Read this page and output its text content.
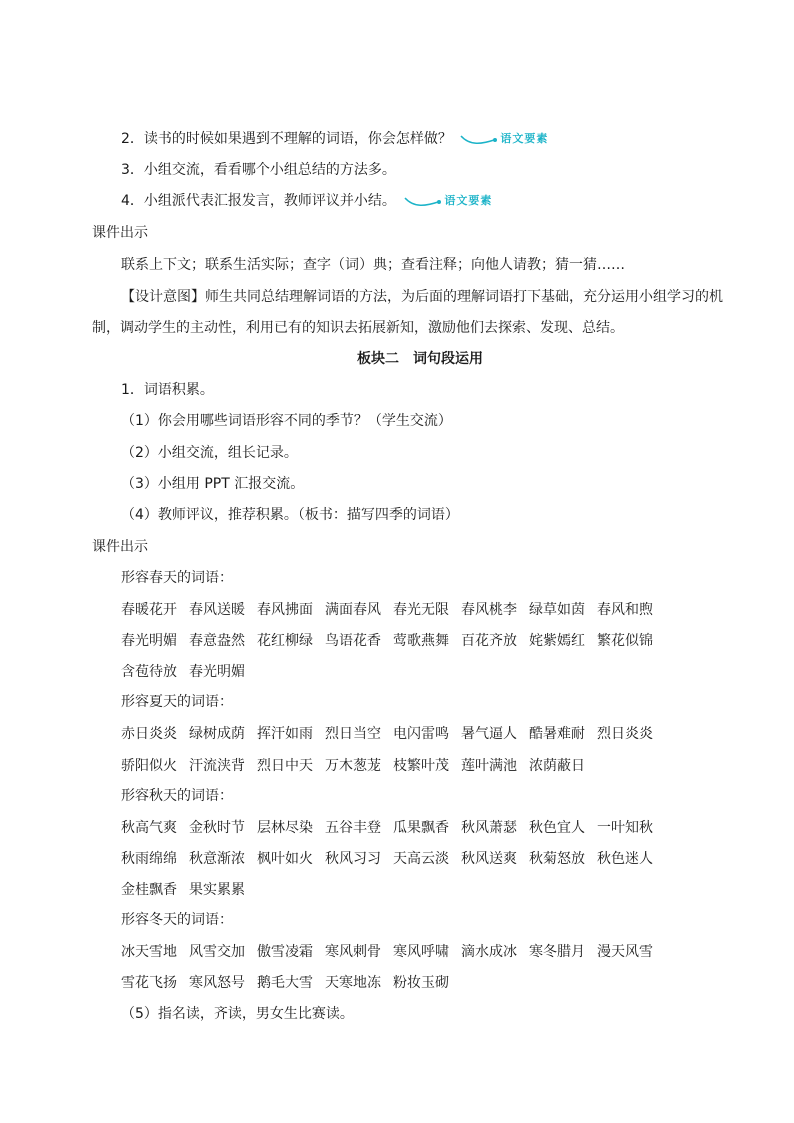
2．读书的时候如果遇到不理解的词语，你会怎样做？	语文要素
3．小组交流，看看哪个小组总结的方法多。
4．小组派代表汇报发言，教师评议并小结。	语文要素
课件出示
联系上下文；联系生活实际；查字（词）典；查看注释；向他人请教；猜一猜……
【设计意图】师生共同总结理解词语的方法，为后面的理解词语打下基础，充分运用小组学习的机
制，调动学生的主动性，利用已有的知识去拓展新知，激励他们去探索、发现、总结。
板块二　词句段运用
1．词语积累。
（1）你会用哪些词语形容不同的季节？（学生交流）
（2）小组交流，组长记录。
（3）小组用 PPT 汇报交流。
（4）教师评议，推荐积累。（板书：描写四季的词语）
课件出示
形容春天的词语：
春暖花开 春风送暖 春风拂面 满面春风 春光无限 春风桃李 绿草如茵 春风和煦
春光明媚 春意盎然 花红柳绿 鸟语花香 莺歌燕舞 百花齐放 姹紫嫣红 繁花似锦
含苞待放 春光明媚
形容夏天的词语：
赤日炎炎 绿树成荫 挥汗如雨 烈日当空 电闪雷鸣 暑气逼人 酷暑难耐 烈日炎炎
骄阳似火 汗流浃背 烈日中天 万木葱茏 枝繁叶茂 莲叶满池 浓荫蔽日
形容秋天的词语：
秋高气爽 金秋时节 层林尽染 五谷丰登 瓜果飘香 秋风萧瑟 秋色宜人 一叶知秋
秋雨绵绵 秋意渐浓 枫叶如火 秋风习习 天高云淡 秋风送爽 秋菊怒放 秋色迷人
金桂飘香 果实累累
形容冬天的词语：
冰天雪地 风雪交加 傲雪凌霜 寒风刺骨 寒风呼啸 滴水成冰 寒冬腊月 漫天风雪
雪花飞扬 寒风怒号 鹅毛大雪 天寒地冻 粉妆玉砌
（5）指名读，齐读，男女生比赛读。
